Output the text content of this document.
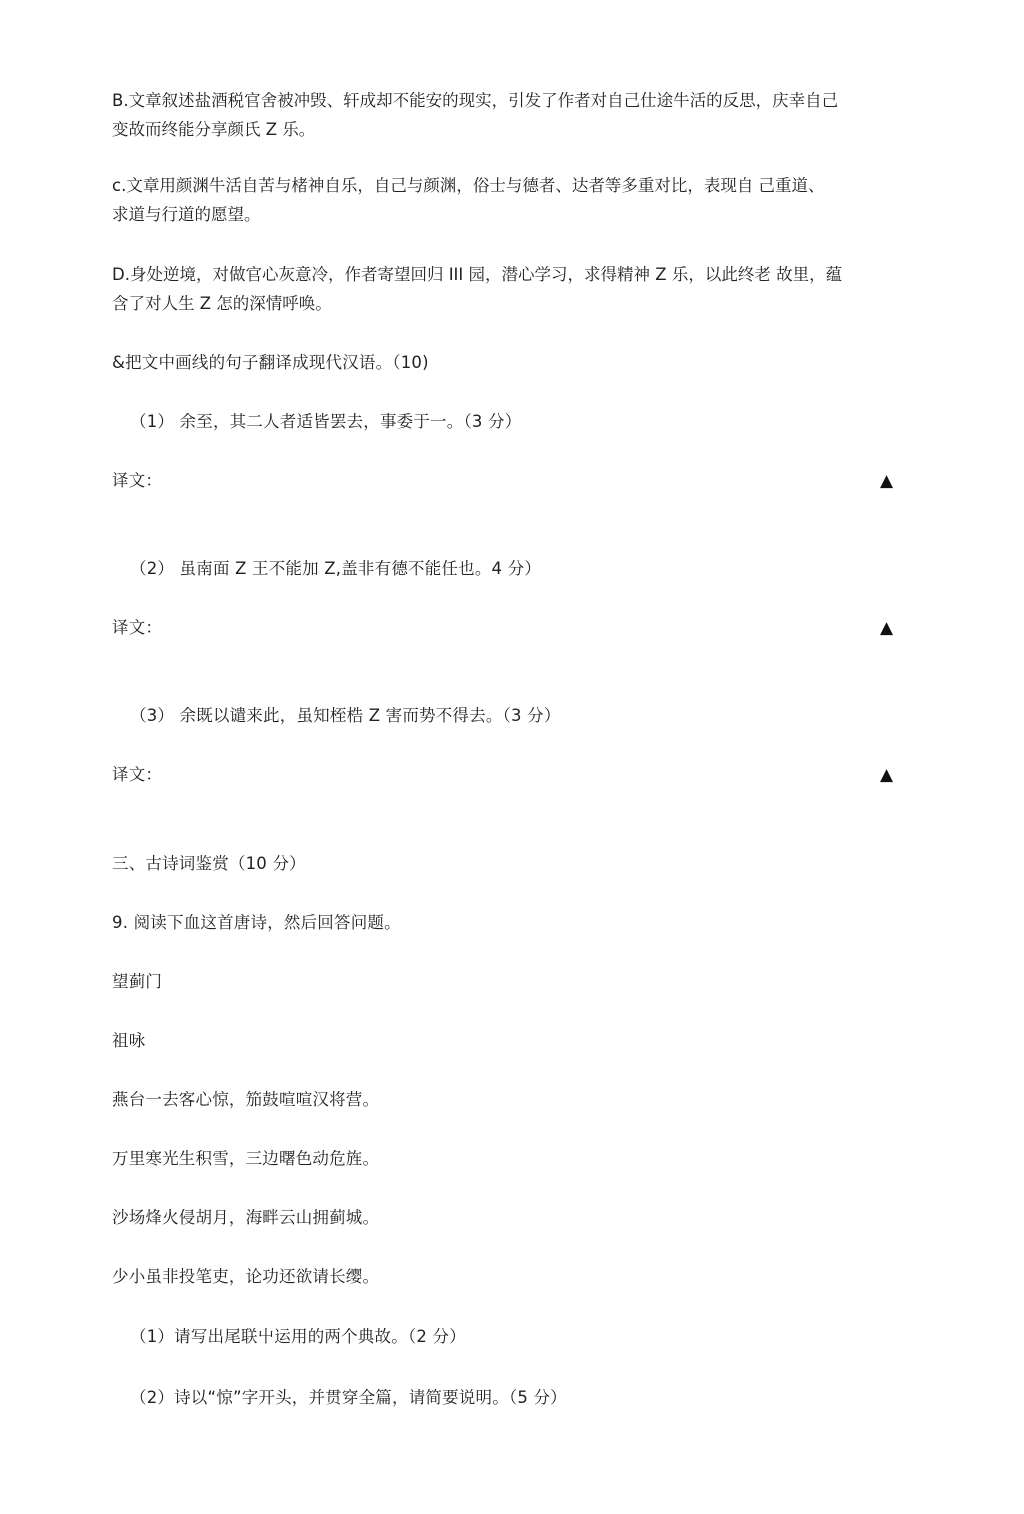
B.文章叙述盐酒税官舍被冲毁、轩成却不能安的现实，引发了作者对自己仕途牛活的反思，庆幸自己
变故而终能分享颜氏 Z 乐。
c.文章用颜渊牛活自苦与楮神自乐，自己与颜渊，俗士与德者、达者等多重对比，表现自 己重道、
求道与行道的愿望。
D.身处逆境，对做官心灰意冷，作者寄望回归 III 园，潜心学习，求得精神 Z 乐，以此终老 故里，蕴
含了对人生 Z 怎的深情呼唤。
&把文中画线的句子翻译成现代汉语。（10)
（1） 余至，其二人者适皆罢去，事委于一。（3 分）
译文：	▲
（2） 虽南面 Z 王不能加 Z,盖非有德不能任也。4 分）
译文：	▲
（3） 余既以谴来此，虽知桎梏 Z 害而势不得去。（3 分）
译文：	▲
三、古诗词鉴赏（10 分）
9. 阅读下血这首唐诗，然后回答问题。
望蓟门
祖咏
燕台一去客心惊，笳鼓喧喧汉将营。
万里寒光生积雪，三边曙色动危旌。
沙场烽火侵胡月，海畔云山拥蓟城。
少小虽非投笔吏，论功还欲请长缨。
（1）请写出尾联屮运用的两个典故。（2 分）
（2）诗以“惊”字开头，并贯穿全篇，请简要说明。（5 分）
